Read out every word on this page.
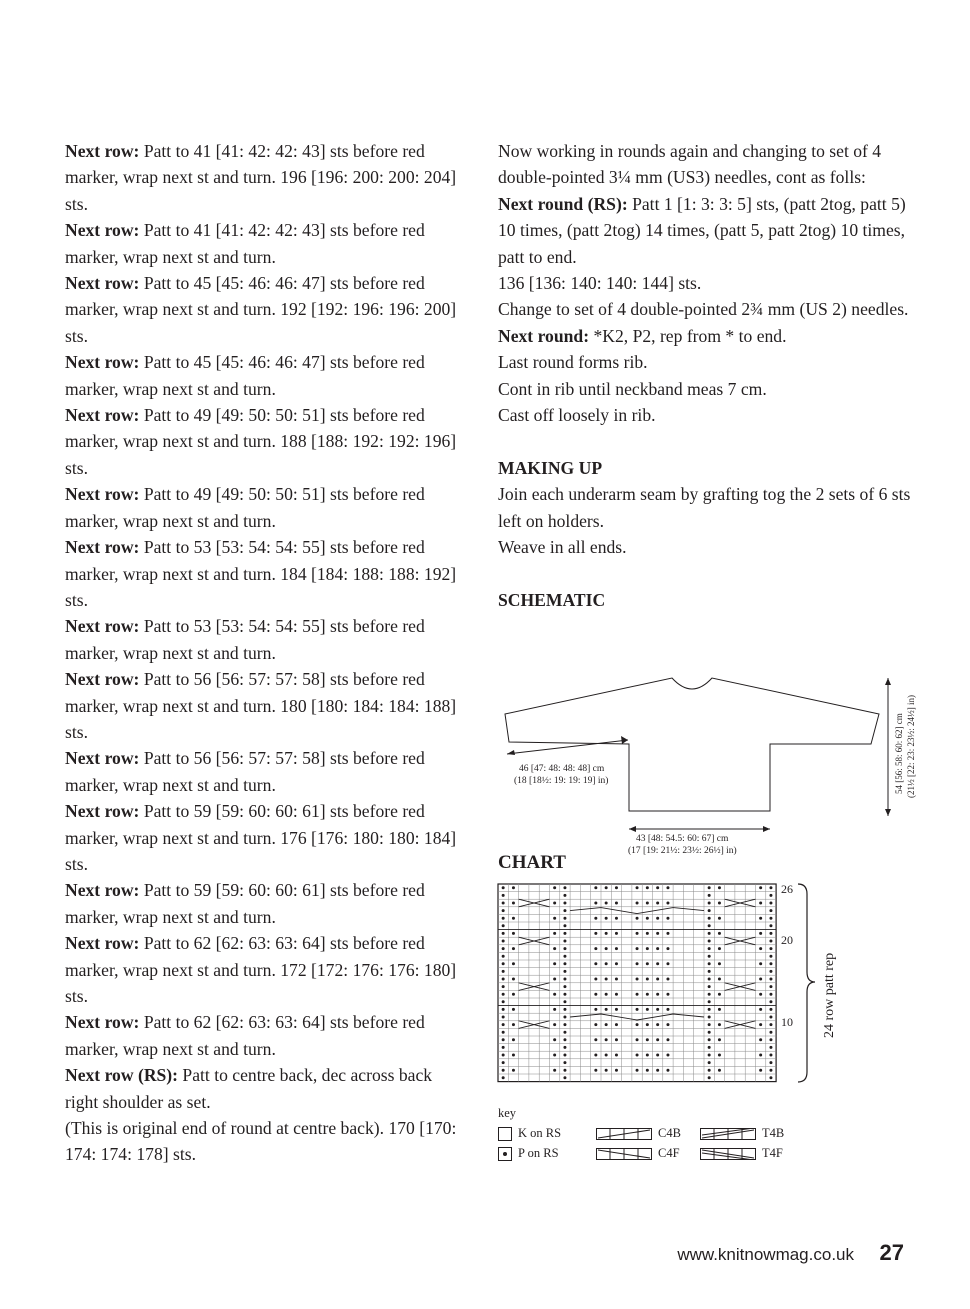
Next row: Patt to 41 [41: 42: 42: 43] sts before red marker, wrap next st and turn. 196 [196: 200: 200: 204] sts.

Next row: Patt to 41 [41: 42: 42: 43] sts before red marker, wrap next st and turn.

Next row: Patt to 45 [45: 46: 46: 47] sts before red marker, wrap next st and turn. 192 [192: 196: 196: 200] sts.

Next row: Patt to 45 [45: 46: 46: 47] sts before red marker, wrap next st and turn.

Next row: Patt to 49 [49: 50: 50: 51] sts before red marker, wrap next st and turn. 188 [188: 192: 192: 196] sts.

Next row: Patt to 49 [49: 50: 50: 51] sts before red marker, wrap next st and turn.

Next row: Patt to 53 [53: 54: 54: 55] sts before red marker, wrap next st and turn. 184 [184: 188: 188: 192] sts.

Next row: Patt to 53 [53: 54: 54: 55] sts before red marker, wrap next st and turn.

Next row: Patt to 56 [56: 57: 57: 58] sts before red marker, wrap next st and turn. 180 [180: 184: 184: 188] sts.

Next row: Patt to 56 [56: 57: 57: 58] sts before red marker, wrap next st and turn.

Next row: Patt to 59 [59: 60: 60: 61] sts before red marker, wrap next st and turn. 176 [176: 180: 180: 184] sts.

Next row: Patt to 59 [59: 60: 60: 61] sts before red marker, wrap next st and turn.

Next row: Patt to 62 [62: 63: 63: 64] sts before red marker, wrap next st and turn. 172 [172: 176: 176: 180] sts.

Next row: Patt to 62 [62: 63: 63: 64] sts before red marker, wrap next st and turn.

Next row (RS): Patt to centre back, dec across back right shoulder as set.

(This is original end of round at centre back). 170 [170: 174: 174: 178] sts.

Now working in rounds again and changing to set of 4 double-pointed 3¼ mm (US3) needles, cont as folls:

Next round (RS): Patt 1 [1: 3: 3: 5] sts, (patt 2tog, patt 5) 10 times, (patt 2tog) 14 times, (patt 5, patt 2tog) 10 times, patt to end.

136 [136: 140: 140: 144] sts.

Change to set of 4 double-pointed 2¾ mm (US 2) needles.

Next round: *K2, P2, rep from * to end.

Last round forms rib.

Cont in rib until neckband meas 7 cm.

Cast off loosely in rib.

MAKING UP

Join each underarm seam by grafting tog the 2 sets of 6 sts left on holders.

Weave in all ends.

SCHEMATIC

46 [47: 48: 48: 48] cm
(18 [18½: 19: 19: 19] in)
43 [48: 54.5: 60: 67] cm
(17 [19: 21½: 23½: 26½] in)
54 [56: 58: 60: 62] cm (21½ [22: 23: 23½: 24½] in)

CHART

26
20
10 24 row patt rep
key
K on RS
P on RS
C4B
C4F
T4B
T4F
www.knitnowmag.co.uk 27
